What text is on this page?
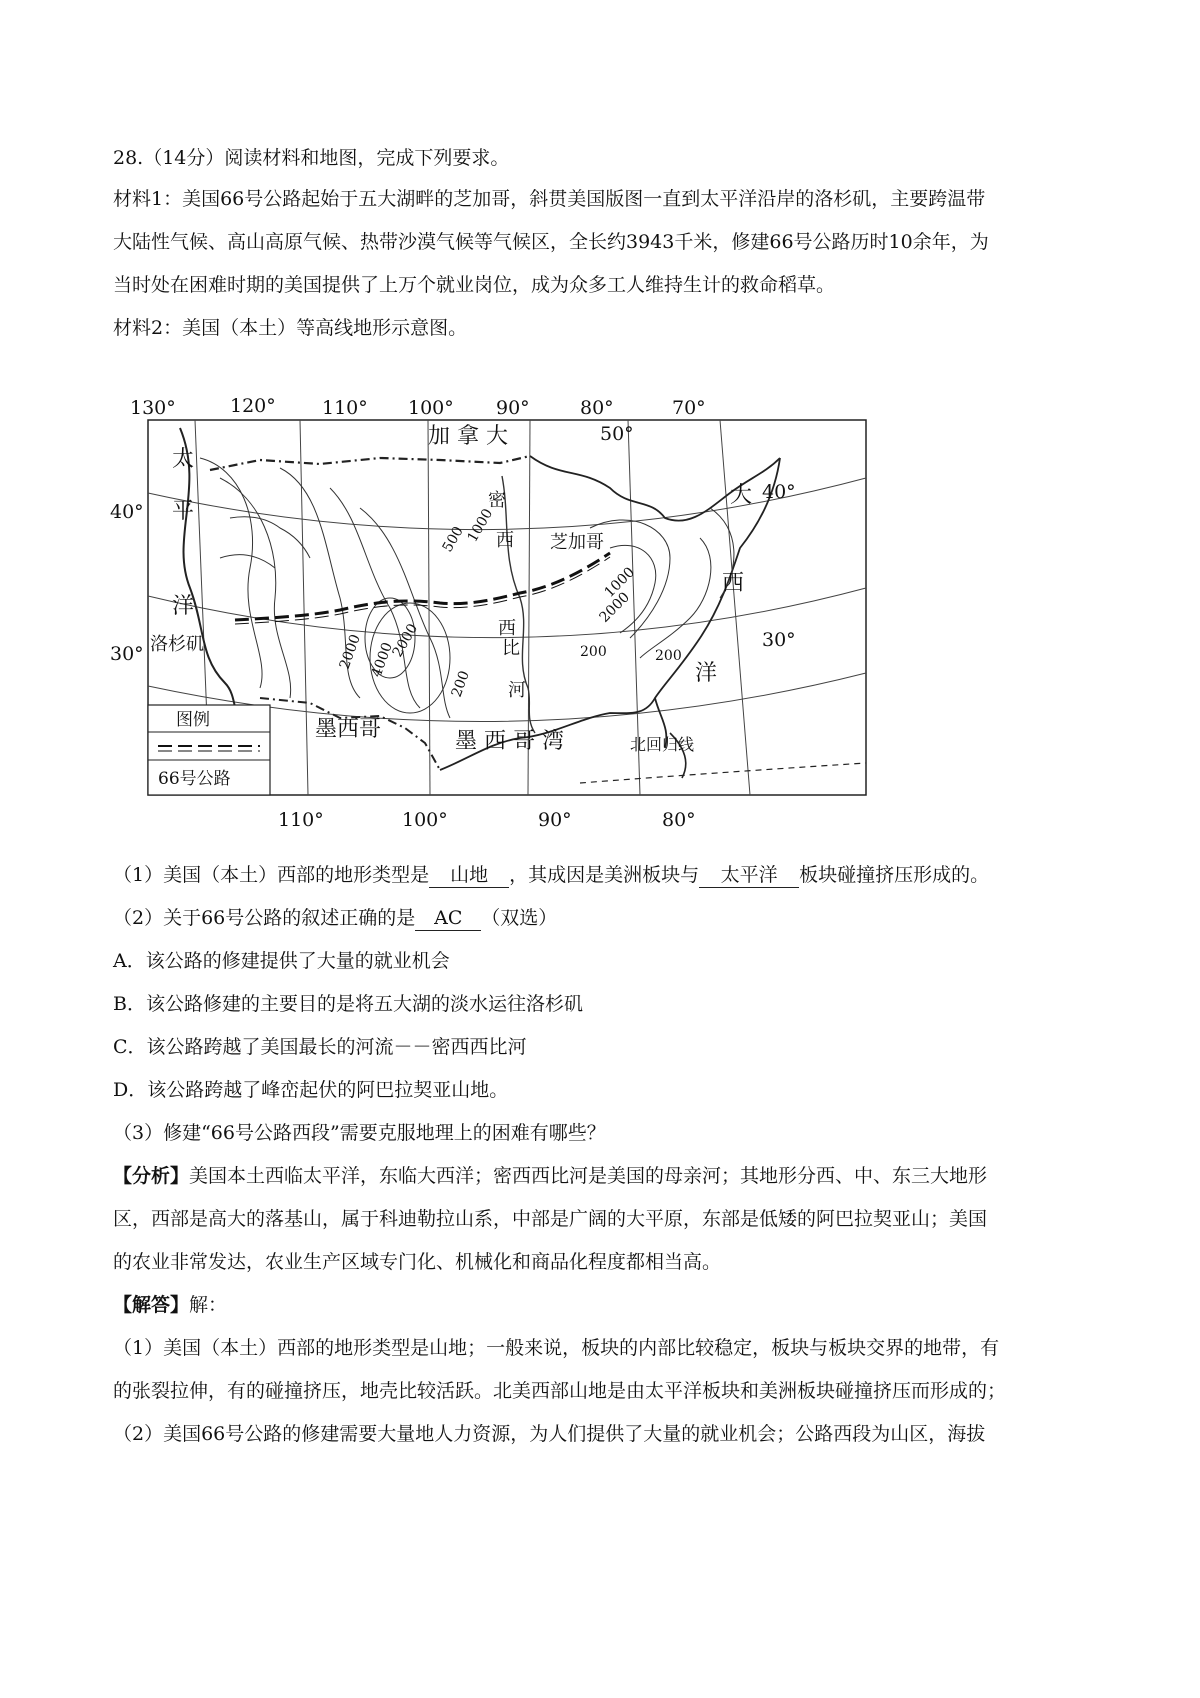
28.（14分）阅读材料和地图，完成下列要求。
材料1：美国66号公路起始于五大湖畔的芝加哥，斜贯美国版图一直到太平洋沿岸的洛杉矶，主要跨温带
大陆性气候、高山高原气候、热带沙漠气候等气候区，全长约3943千米，修建66号公路历时10余年，为
当时处在困难时期的美国提供了上万个就业岗位，成为众多工人维持生计的救命稻草。
材料2：美国（本土）等高线地形示意图。
130°	120° 110° 100° 90°	80°	70°
110°	100°	90°	80°
40°
30°
40°
30°
50°
加 拿 大
太
平
洋
大
西
洋
密
西
西
比
河
芝加哥
洛杉矶
北回归线
墨西哥	墨 西 哥 湾
2000 4000
2000
200
1000
2000
200
500
1000
200
图例
66号公路
（1）美国（本土）西部的地形类型是 山地 ，其成因是美洲板块与 太平洋 板块碰撞挤压形成的。
（2）关于66号公路的叙述正确的是 AC （双选）
A．该公路的修建提供了大量的就业机会
B．该公路修建的主要目的是将五大湖的淡水运往洛杉矶
C．该公路跨越了美国最长的河流－－密西西比河
D．该公路跨越了峰峦起伏的阿巴拉契亚山地。
（3）修建“66号公路西段”需要克服地理上的困难有哪些？
【分析】美国本土西临太平洋，东临大西洋；密西西比河是美国的母亲河；其地形分西、中、东三大地形
区，西部是高大的落基山，属于科迪勒拉山系，中部是广阔的大平原，东部是低矮的阿巴拉契亚山；美国
的农业非常发达，农业生产区域专门化、机械化和商品化程度都相当高。
【解答】解：
（1）美国（本土）西部的地形类型是山地；一般来说，板块的内部比较稳定，板块与板块交界的地带，有
的张裂拉伸，有的碰撞挤压，地壳比较活跃。北美西部山地是由太平洋板块和美洲板块碰撞挤压而形成的；
（2）美国66号公路的修建需要大量地人力资源，为人们提供了大量的就业机会；公路西段为山区，海拔
